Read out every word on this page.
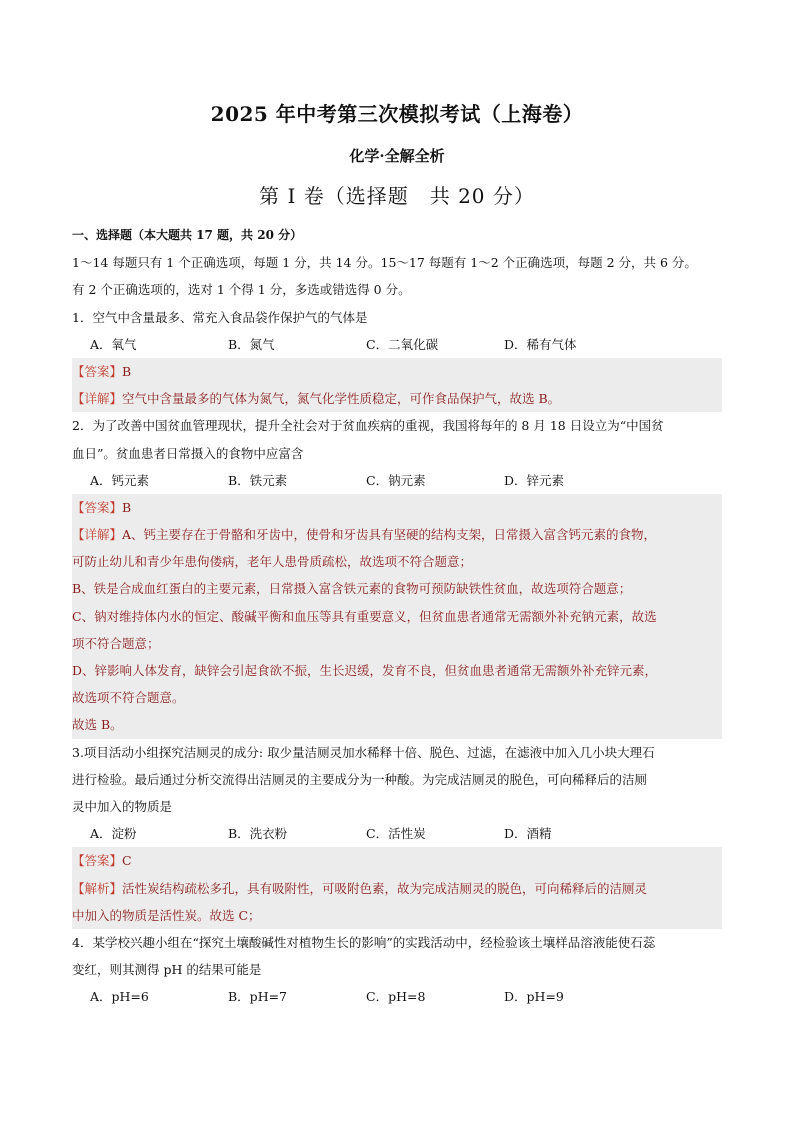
2025 年中考第三次模拟考试（上海卷）
化学·全解全析
第 I 卷（选择题　共 20 分）
一、选择题（本大题共 17 题，共 20 分）
1～14 每题只有 1 个正确选项，每题 1 分，共 14 分。15～17 每题有 1～2 个正确选项，每题 2 分，共 6 分。
有 2 个正确选项的，选对 1 个得 1 分，多选或错选得 0 分。
1．空气中含量最多、常充入食品袋作保护气的气体是
A．氧气	B．氮气	C．二氧化碳	D．稀有气体
【答案】B
【详解】空气中含量最多的气体为氮气，氮气化学性质稳定，可作食品保护气，故选 B。
2．为了改善中国贫血管理现状，提升全社会对于贫血疾病的重视，我国将每年的 8 月 18 日设立为“中国贫
血日”。贫血患者日常摄入的食物中应富含
A．钙元素	B．铁元素	C．钠元素	D．锌元素
【答案】B
【详解】A、钙主要存在于骨骼和牙齿中，使骨和牙齿具有坚硬的结构支架，日常摄入富含钙元素的食物，
可防止幼儿和青少年患佝偻病，老年人患骨质疏松，故选项不符合题意；
B、铁是合成血红蛋白的主要元素，日常摄入富含铁元素的食物可预防缺铁性贫血，故选项符合题意；
C、钠对维持体内水的恒定、酸碱平衡和血压等具有重要意义，但贫血患者通常无需额外补充钠元素，故选
项不符合题意；
D、锌影响人体发育，缺锌会引起食欲不振，生长迟缓，发育不良，但贫血患者通常无需额外补充锌元素，
故选项不符合题意。
故选 B。
3.项目活动小组探究洁厕灵的成分: 取少量洁厕灵加水稀释十倍、脱色、过滤，在滤液中加入几小块大理石
进行检验。最后通过分析交流得出洁厕灵的主要成分为一种酸。为完成洁厕灵的脱色，可向稀释后的洁厕
灵中加入的物质是
A．淀粉	B．洗衣粉	C．活性炭	D．酒精
【答案】C
【解析】活性炭结构疏松多孔，具有吸附性，可吸附色素，故为完成洁厕灵的脱色，可向稀释后的洁厕灵
中加入的物质是活性炭。故选 C；
4．某学校兴趣小组在“探究土壤酸碱性对植物生长的影响”的实践活动中，经检验该土壤样品溶液能使石蕊
变红，则其测得 pH 的结果可能是
A．pH=6	B．pH=7	C．pH=8	D．pH=9
